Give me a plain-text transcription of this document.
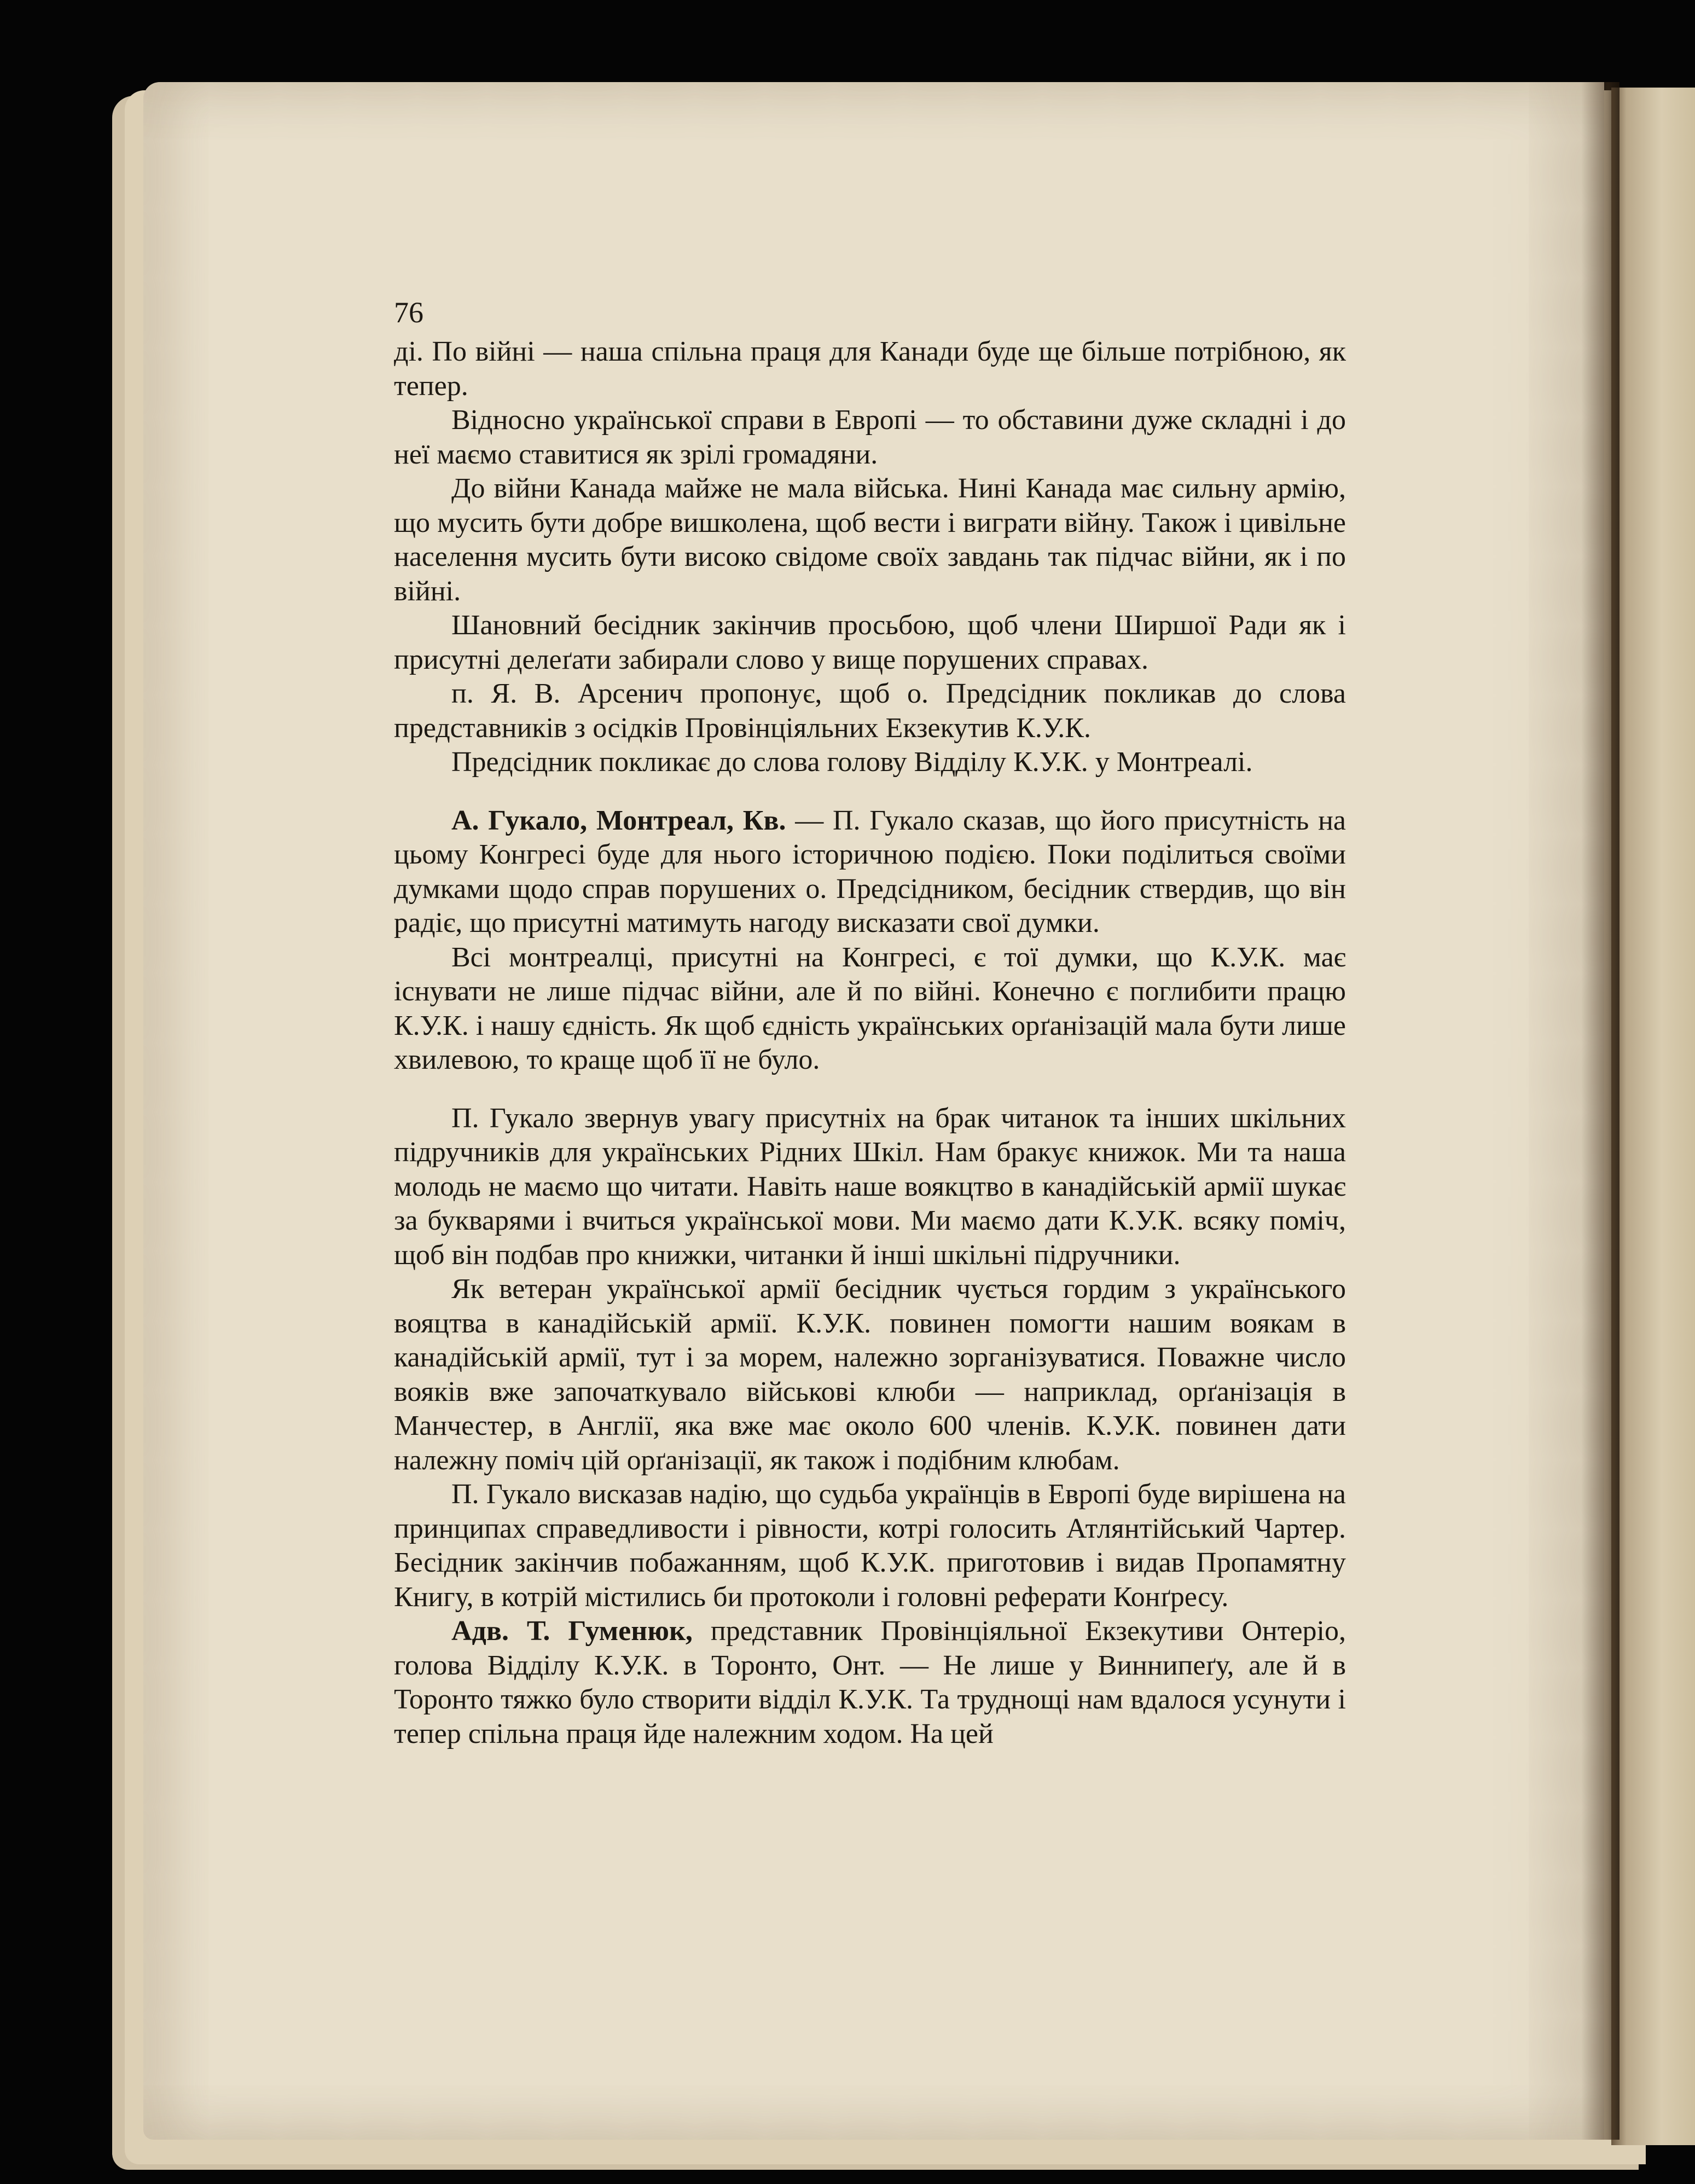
76

ді. По війні — наша спільна праця для Канади буде ще більше потрібною, як тепер.

Відносно української справи в Европі — то обставини дуже складні і до неї маємо ставитися як зрілі громадяни.

До війни Канада майже не мала війська. Нині Канада має сильну армію, що мусить бути добре вишколена, щоб вести і виграти війну. Також і цивільне населення мусить бути високо свідоме своїх завдань так підчас війни, як і по війні.

Шановний бесідник закінчив просьбою, щоб члени Ширшої Ради як і присутні делеґати забирали слово у вище порушених справах.

п. Я. В. Арсенич пропонує, щоб о. Предсідник покликав до слова представників з осідків Провінціяльних Екзекутив К.У.К.

Предсідник покликає до слова голову Відділу К.У.К. у Монтреалі.

А. Гукало, Монтреал, Кв. — П. Гукало сказав, що його присутність на цьому Конгресі буде для нього історичною подією. Поки поділиться своїми думками щодо справ порушених о. Предсідником, бесідник ствердив, що він радіє, що присутні матимуть нагоду висказати свої думки.

Всі монтреалці, присутні на Конгресі, є тої думки, що К.У.К. має існувати не лише підчас війни, але й по війні. Конечно є поглибити працю К.У.К. і нашу єдність. Як щоб єдність українських орґанізацій мала бути лише хвилевою, то краще щоб її не було.

П. Гукало звернув увагу присутніх на брак читанок та інших шкільних підручників для українських Рідних Шкіл. Нам бракує книжок. Ми та наша молодь не маємо що читати. Навіть наше воякцтво в канадійській армії шукає за букварями і вчиться української мови. Ми маємо дати К.У.К. всяку поміч, щоб він подбав про книжки, читанки й інші шкільні підручники.

Як ветеран української армії бесідник чується гордим з українського вояцтва в канадійській армії. К.У.К. повинен помогти нашим воякам в канадійській армії, тут і за морем, належно зорганізуватися. Поважне число вояків вже започаткувало військові клюби — наприклад, орґанізація в Манчестер, в Англії, яка вже має около 600 членів. К.У.К. повинен дати належну поміч цій орґанізації, як також і подібним клюбам.

П. Гукало висказав надію, що судьба українців в Европі буде вирішена на принципах справедливости і рівности, котрі голосить Атлянтійський Чартер. Бесідник закінчив побажанням, щоб К.У.К. приготовив і видав Пропамятну Книгу, в котрій містились би протоколи і головні реферати Конґресу.

Адв. Т. Гуменюк, представник Провінціяльної Екзекутиви Онтеріо, голова Відділу К.У.К. в Торонто, Онт. — Не лише у Виннипеґу, але й в Торонто тяжко було створити відділ К.У.К. Та труднощі нам вдалося усунути і тепер спільна праця йде належним ходом. На цей
